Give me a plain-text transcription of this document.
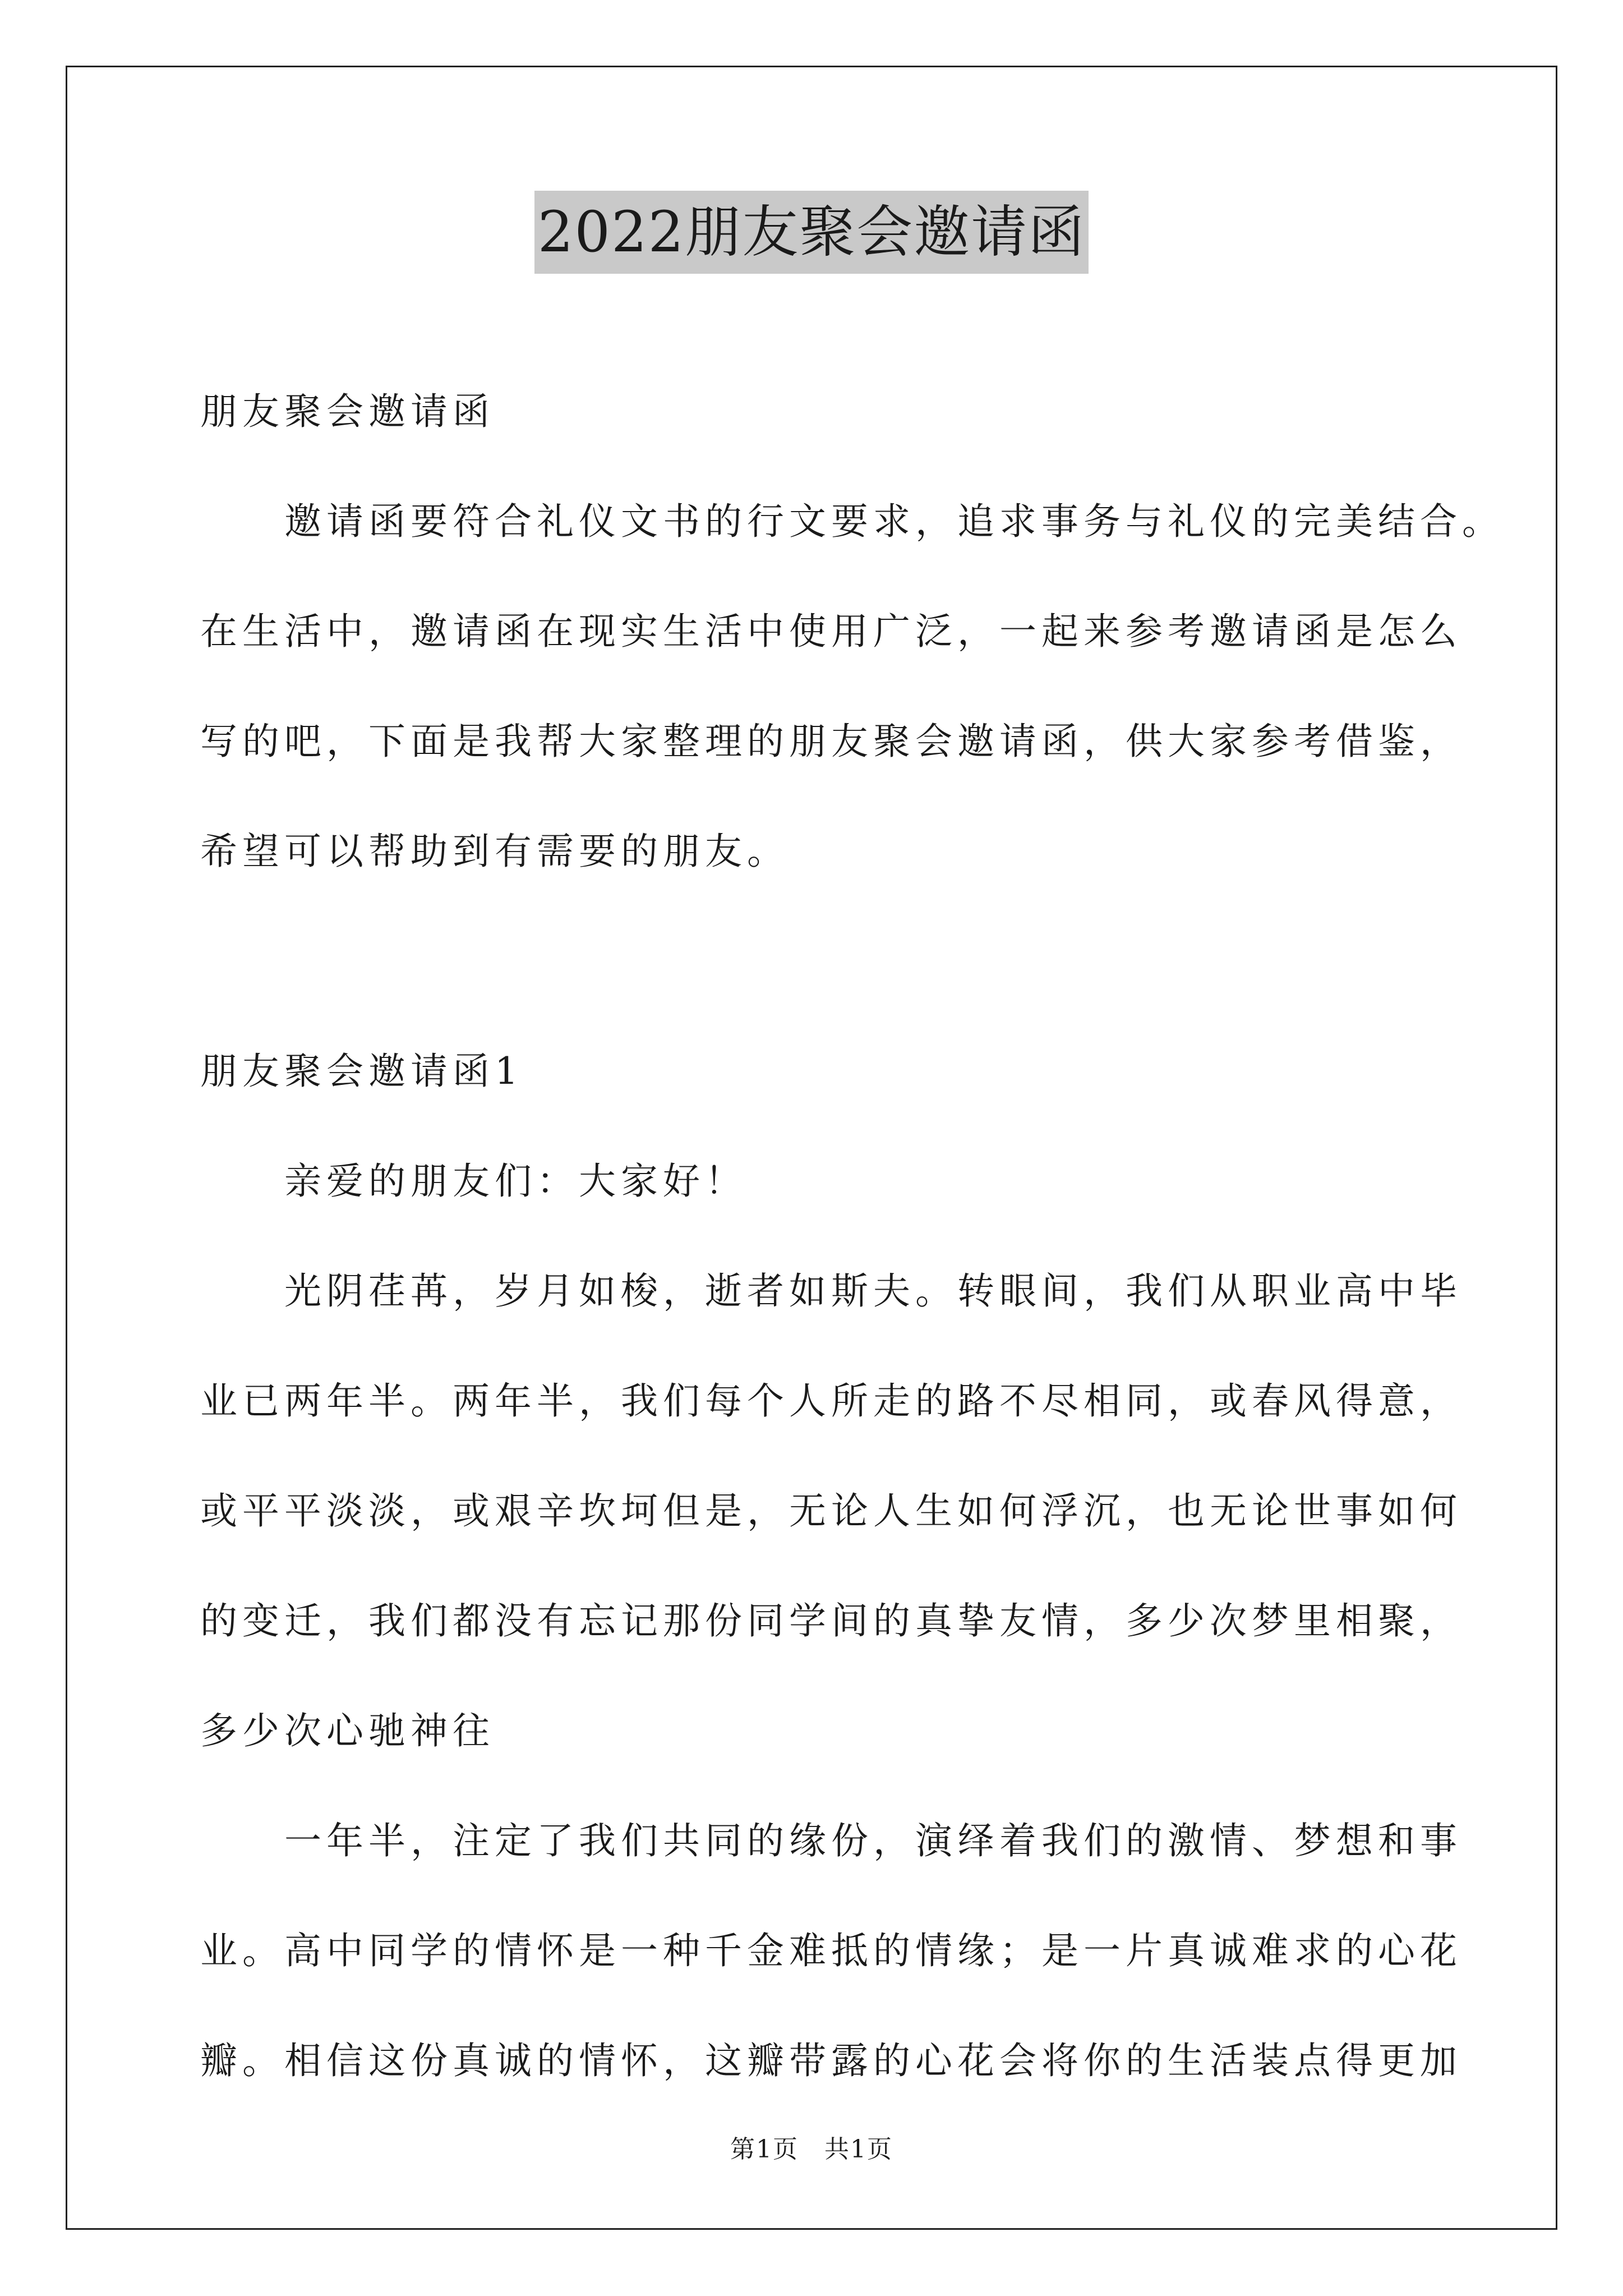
2022朋友聚会邀请函

朋友聚会邀请函

邀请函要符合礼仪文书的行文要求，追求事务与礼仪的完美结合。

在生活中，邀请函在现实生活中使用广泛，一起来参考邀请函是怎么

写的吧，下面是我帮大家整理的朋友聚会邀请函，供大家参考借鉴，

希望可以帮助到有需要的朋友。

朋友聚会邀请函1

亲爱的朋友们：大家好！

光阴荏苒，岁月如梭，逝者如斯夫。转眼间，我们从职业高中毕

业已两年半。两年半，我们每个人所走的路不尽相同，或春风得意，

或平平淡淡，或艰辛坎坷但是，无论人生如何浮沉，也无论世事如何

的变迁，我们都没有忘记那份同学间的真挚友情，多少次梦里相聚，

多少次心驰神往

一年半，注定了我们共同的缘份，演绎着我们的激情、梦想和事

业。高中同学的情怀是一种千金难抵的情缘；是一片真诚难求的心花

瓣。相信这份真诚的情怀，这瓣带露的心花会将你的生活装点得更加

第1页　共1页
